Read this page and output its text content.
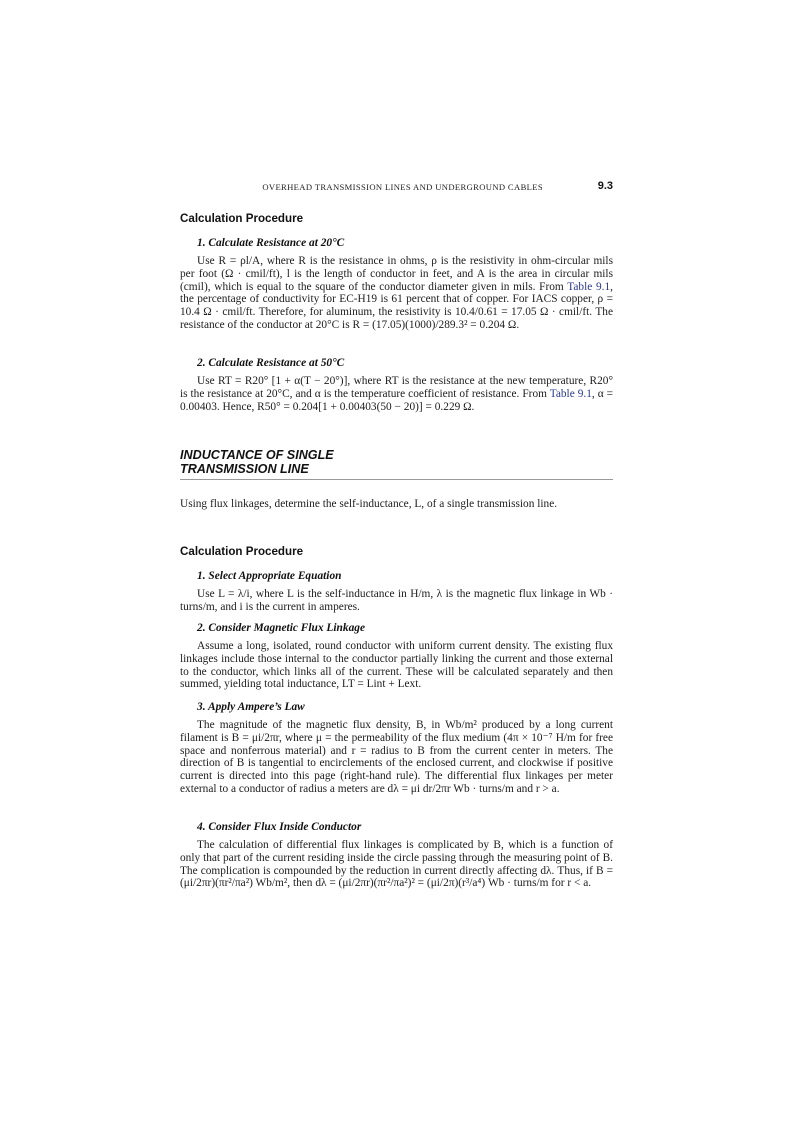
OVERHEAD TRANSMISSION LINES AND UNDERGROUND CABLES	9.3
Calculation Procedure
1. Calculate Resistance at 20°C
Use R = ρl/A, where R is the resistance in ohms, ρ is the resistivity in ohm-circular mils per foot (Ω · cmil/ft), l is the length of conductor in feet, and A is the area in circular mils (cmil), which is equal to the square of the conductor diameter given in mils. From Table 9.1, the percentage of conductivity for EC-H19 is 61 percent that of copper. For IACS copper, ρ = 10.4 Ω · cmil/ft. Therefore, for aluminum, the resistivity is 10.4/0.61 = 17.05 Ω · cmil/ft. The resistance of the conductor at 20°C is R = (17.05)(1000)/289.3² = 0.204 Ω.
2. Calculate Resistance at 50°C
Use RT = R20° [1 + α(T − 20°)], where RT is the resistance at the new temperature, R20° is the resistance at 20°C, and α is the temperature coefficient of resistance. From Table 9.1, α = 0.00403. Hence, R50° = 0.204[1 + 0.00403(50 − 20)] = 0.229 Ω.
INDUCTANCE OF SINGLE
TRANSMISSION LINE
Using flux linkages, determine the self-inductance, L, of a single transmission line.
Calculation Procedure
1. Select Appropriate Equation
Use L = λ/i, where L is the self-inductance in H/m, λ is the magnetic flux linkage in Wb · turns/m, and i is the current in amperes.
2. Consider Magnetic Flux Linkage
Assume a long, isolated, round conductor with uniform current density. The existing flux linkages include those internal to the conductor partially linking the current and those external to the conductor, which links all of the current. These will be calculated separately and then summed, yielding total inductance, LT = Lint + Lext.
3. Apply Ampere’s Law
The magnitude of the magnetic flux density, B, in Wb/m² produced by a long current filament is B = μi/2πr, where μ = the permeability of the flux medium (4π × 10⁻⁷ H/m for free space and nonferrous material) and r = radius to B from the current center in meters. The direction of B is tangential to encirclements of the enclosed current, and clockwise if positive current is directed into this page (right-hand rule). The differential flux linkages per meter external to a conductor of radius a meters are dλ = μi dr/2πr Wb · turns/m and r > a.
4. Consider Flux Inside Conductor
The calculation of differential flux linkages is complicated by B, which is a function of only that part of the current residing inside the circle passing through the measuring point of B. The complication is compounded by the reduction in current directly affecting dλ. Thus, if B = (μi/2πr)(πr²/πa²) Wb/m², then dλ = (μi/2πr)(πr²/πa²)² = (μi/2π)(r³/a⁴) Wb · turns/m for r < a.
